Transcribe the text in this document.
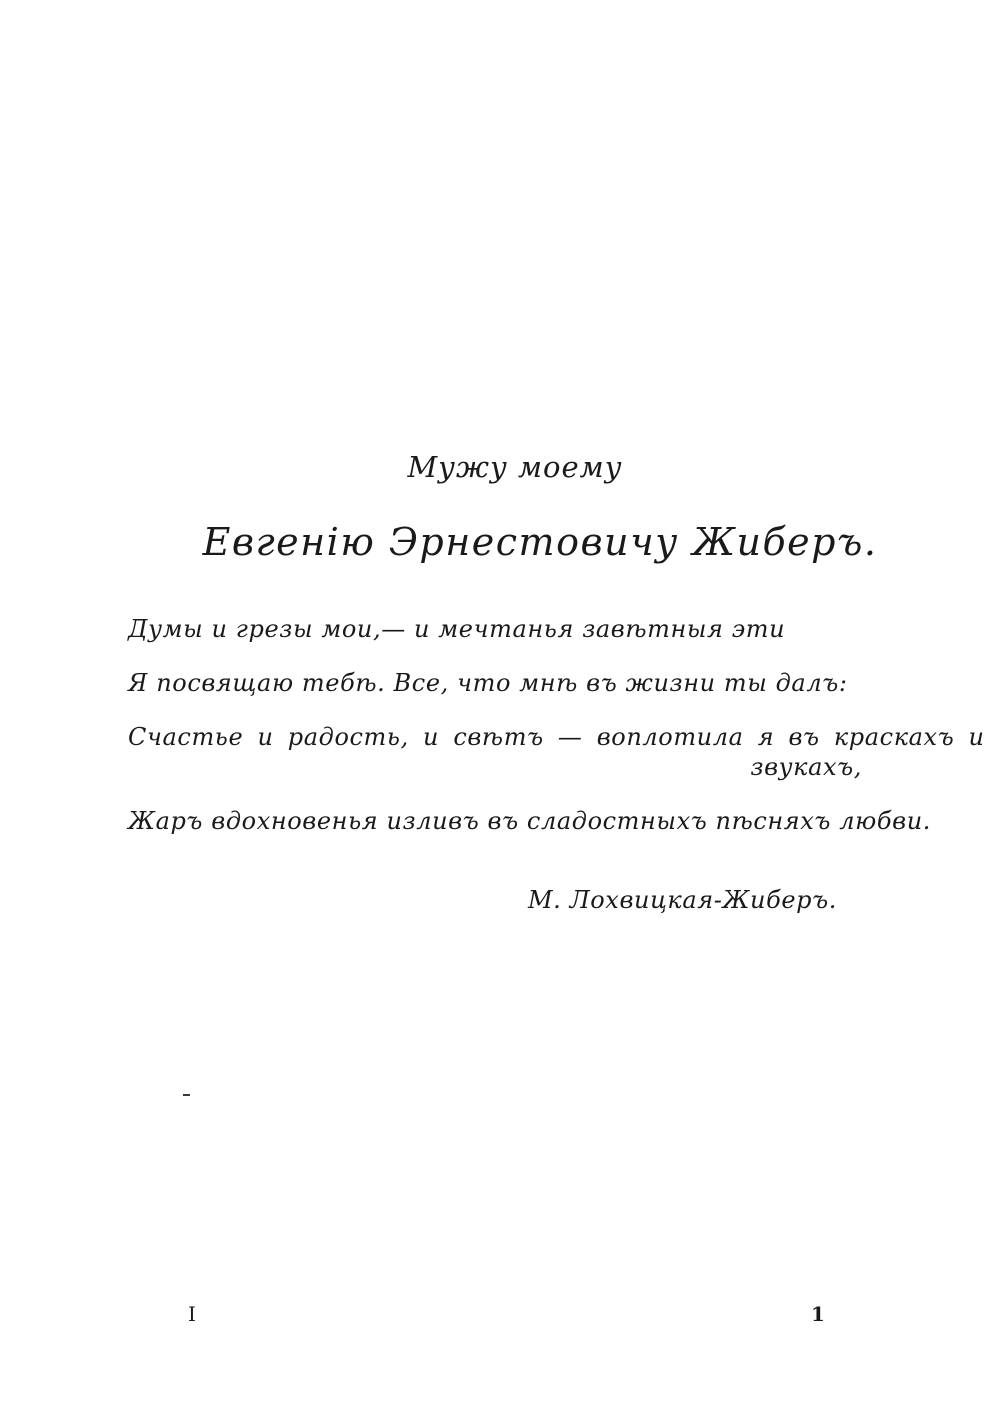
Мужу моему
Евгенію Эрнестовичу Жиберъ.
Думы и грезы мои,— и мечтанья завѣтныя эти
Я посвящаю тебѣ. Все, что мнѣ въ жизни ты далъ:
Счастье и радость, и свѣтъ — воплотила я въ краскахъ и
звукахъ,
Жаръ вдохновенья изливъ въ сладостныхъ пѣсняхъ любви.
М. Лохвицкая-Жиберъ.
I	1
